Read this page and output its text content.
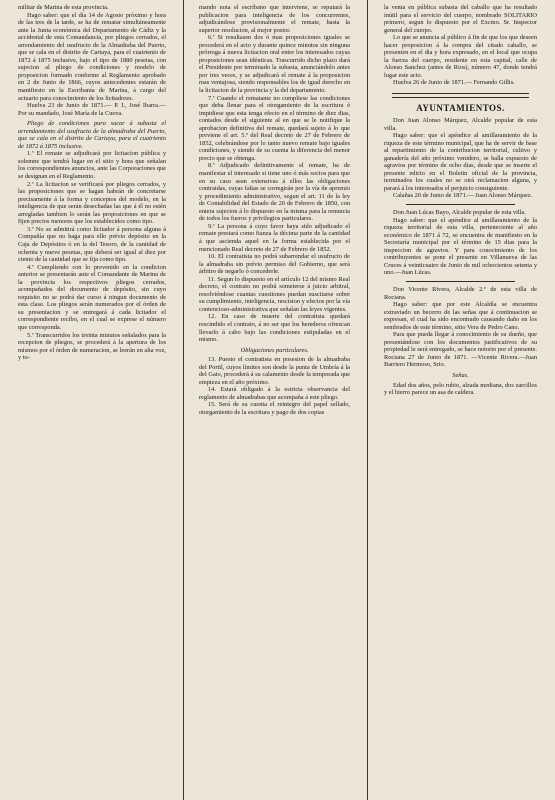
militar de Marina de esta provincia.

Hago saber: que el día 14 de Agosto próximo y hora de las tres de la tarde, se ha de rematar simultáneamente ante la Junta económica del Departamento de Cádiz y la accidental de esta Comandancia, por pliegos cerrados, el arrendamiento del usufructo de la Almadraba del Puerto, que se cala en el distrito de Cartaya, para el cuatrienio de 1872 á 1875 inclusive, bajo el tipo de 1880 pesetas, con sujecion al pliego de condiciones y modelo de proposicion formado conforme al Reglamento aprobado en 2 de Junio de 1866, cuyos antecedentes estarán de manifiesto en la Escribanía de Marina, á cargo del actuario para conocimiento de los licitadores.

Huelva 23 de Junio de 1871.— P. I., José Ibarra.— Por su mandado, José María de la Cueva.

Pliego de condiciones para sacar á subasta el arrendamiento del usufructo de la almadraba del Puerto, que se cala en el distrito de Cartaya, para el cuatrienio de 1872 á 1875 inclusive.

1.ª El remate se adjudicará por licitacion pública y solemne que tendrá lugar en el sitio y hora que señalan los correspondientes anuncios, ante las Corporaciones que se designan en el Reglamento.

2.ª La licitacion se verificará por pliegos cerrados, y las proposiciones que se hagan habrán de concretarse precisamente á la forma y conceptos del modelo, en la inteligencia de que serán desechadas las que á él no estén arregladas tambien lo serán las proposiciones en que se fijen precios menores que los establecidos como tipo.

3.ª No se admitirá como licitador á persona alguna á Compañía que no haga para ello prévio depósito en la Caja de Depósitos ó en la del Tesoro, de la cantidad de ochenta y nueve pesetas, que deberá ser igual al diez por ciento de la cantidad que se fija como tipo.

4.ª Cumpliendo con lo prevenido en la condicion anterior se presentarán ante el Comandante de Marina de la provincia los respectivos pliegos cerrados, acompañados del documento de depósito, sin cuyo requisito no se podrá dar curso á ningun documento de esta clase. Los pliegos serán numerados por el órden de su presentacion y se entregará á cada licitador el correspondiente recibo, en el cual se exprese el número que corresponda.

5.ª Transcurridos los treinta minutos señalados para la recepcion de pliegos, se procederá á la apertura de los mismos por el órden de numeracion, se leerán en alta voz, y to-

mando nota el escribano que interviene, se reputará la publicacion para inteligencia de los concurrentes, adjudicándose provisionalmente el remate, hasta la superior resolucion, al mejor postor.

6.ª Si resultasen dos ó mas proposiciones iguales se procederá en el acto y durante quince minutos sin ninguna prórroga á nueva licitacion oral entre los interesados cuyas proposiciones sean idénticas. Trascurrido dicho plazo dará el Presidente por terminado la subasta, anunciándolo antes por tres veces, y se adjudicará el remate á la proposicion mas ventajosa, siendo responsables los de igual derecho en la licitacion de la provincia y la del departamento.

7.ª Cuando el rematante no cumpliese las condiciones que deba llenar para el otorgamiento de la escritura ó impidiese que esta tenga efecto en el término de diez dias, contados desde el siguiente al en que se le notifique la aprobacion definitiva del remate, quedará sujeto á lo que previene el art. 5.º del Real decreto de 27 de Febrero de 1852, celebrándose por lo tanto nuevo remate bajo iguales condiciones, y siendo de su cuenta la diferencia del menor precio que se obtenga.

8.ª Adjudicado definitivamente el remate, ha de manifestar el interesado si tiene uno ó más socios para que en su caso sean extensivas á ellos las obligaciones contraidas, cuyas faltas se corregirán por la vía de apremio y procedimiento administrativo, segun el art. 11 de la ley de Contabilidad del Estado de 20 de Febrero de 1850, con entera sujecion á lo dispuesto en la misma para la renuncia de todos los fueros y privilegios particulares.

9.ª La persona á cuyo favor haya sido adjudicado el remate prestará como fianza la décima parte de la cantidad á que ascienda aquel en la forma establecida por el mencionado Real decreto de 27 de Febrero de 1852.

10. El contratista no podrá subarrendar el usufructo de la almadraba sin prévio permiso del Gobierno, que será árbitro de negarlo ó concederle.

11. Segun lo dispuesto en el artículo 12 del mismo Real decreto, el contrato no podrá someterse á juicio arbitral, resolviéndose cuantas cuestiones puedan suscitarse sobre su cumplimiento, inteligencia, rescision y efectos por la vía contencioso-administrativa que señalan las leyes vigentes.

12. En caso de muerte del contratista quedará rescindido el contrato, á no ser que los herederos ofrezcan llevarlo á cabo bajo las condiciones estipuladas en el mismo.

Obligaciones particulares.

13. Puesto el contratista en posesion de la almadraba del Portil, cuyos límites son desde la punta de Umbría á la del Gato, procederá á su calamento desde la temporada que empieza en el año próximo.

14. Estará obligado á la estricta observancia del reglamento de almadrabas que acompaña á este pliego.

15. Será de su cuenta el reintegro del papel sellado, otorgamiento de la escritura y pago de dos copias

la venta en pública subasta del caballo que ha resultado inútil para el servicio del cuerpo, nombrado SOLITARIO primero, segun lo dispuesto por el Excmo. Sr. Inspector general del cuerpo.

Lo que se anuncia al público á fin de que los que deseen hacer proposicion á la compra del citado caballo, se presenten en el dia y hora expresado, en el local que ocupa la fuerza del cuerpo, residente en esta capital, calle de Alonso Sanchez (antes de Rios), número 47, donde tendrá lugar este acto.

Huelva 26 de Junio de 1871.— Fernando Gillis.

AYUNTAMIENTOS.

Don Juan Alonso Márquez, Alcalde popular de esta villa.

Hago saber: que el apéndice al amillaramiento de la riqueza de este término municipal, que ha de servir de base al repartimiento de la contribucion territorial, cultivo y ganadería del año próximo venidero, se halla expuesto de agravios por término de ocho dias, desde que se inserte el presente edicto en el Boletin oficial de la provincia, terminados los cuales no se oirá reclamacion alguna, y parará á los interesados el perjuicio consiguiente.

Calañas 20 de Junio de 1871.— Juan Alonso Márquez.

Don Juan Lúcas Bayo, Alcalde popular de esta villa.

Hago saber: que el apéndice al amillaramiento de la riqueza territorial de esta villa, perteneciente al año económico de 1871 á 72, se encuentra de manifiesto en la Secretaría municipal por el término de 15 dias para la inspeccion de agravios. Y para conocimiento de los contribuyentes se pone el presente en Villanueva de las Cruces á veinticuatro de Junio de mil ochocientos setenta y uno.—Juan Lúcas.

Don Vicente Rivera, Alcalde 2.º de esta villa de Rociana.

Hago saber: que por este Alcaldía se encuentra extraviado un becerro de las señas que á continuacion se expresan, el cual ha sido encontrado causando daño en los sembrados de este término, sitio Vera de Pedro Cano.

Para que pueda llegar á conocimiento de su dueño, que presentándose con los documentos justificativos de su propiedad le será entregado, se hace notorio por el presente. Rociana 27 de Junio de 1871. —Vicente Rivera.—Juan Barriero Hermoso, Srio.

Señas.

Edad dos años, pelo rubio, alzada mediana, dos zarcillos y el hierro parece un asa de caldera.
